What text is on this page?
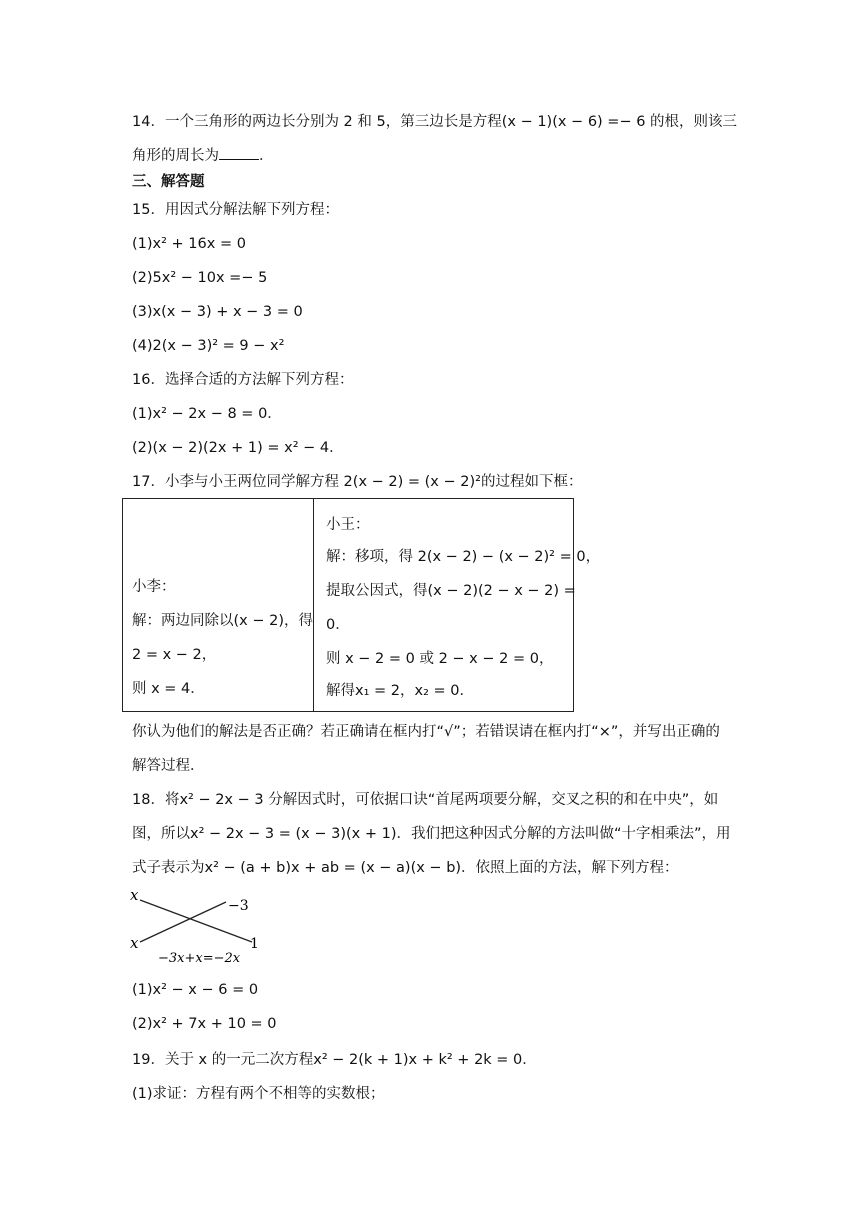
14．一个三角形的两边长分别为 2 和 5，第三边长是方程(x − 1)(x − 6) =− 6 的根，则该三
角形的周长为	．
三、解答题
15．用因式分解法解下列方程：
(1)x² + 16x = 0
(2)5x² − 10x =− 5
(3)x(x − 3) + x − 3 = 0
(4)2(x − 3)² = 9 − x²
16．选择合适的方法解下列方程：
(1)x² − 2x − 8 = 0．
(2)(x − 2)(2x + 1) = x² − 4．
17．小李与小王两位同学解方程 2(x − 2) = (x − 2)²的过程如下框：
小李：
解：两边同除以(x − 2)，得
2 = x − 2，
则 x = 4．
小王：
解：移项，得 2(x − 2) − (x − 2)² = 0，
提取公因式，得(x − 2)(2 − x − 2) =
0．
则 x − 2 = 0 或 2 − x − 2 = 0，
解得x₁ = 2，x₂ = 0．
你认为他们的解法是否正确？若正确请在框内打“√”；若错误请在框内打“×”，并写出正确的
解答过程．
18．将x² − 2x − 3 分解因式时，可依据口诀“首尾两项要分解，交叉之积的和在中央”，如
图，所以x² − 2x − 3 = (x − 3)(x + 1)．我们把这种因式分解的方法叫做“十字相乘法”，用
式子表示为x² − (a + b)x + ab = (x − a)(x − b)．依照上面的方法，解下列方程：
x
x
−3
1
−3x+x=−2x
(1)x² − x − 6 = 0
(2)x² + 7x + 10 = 0
19．关于 x 的一元二次方程x² − 2(k + 1)x + k² + 2k = 0．
(1)求证：方程有两个不相等的实数根；
